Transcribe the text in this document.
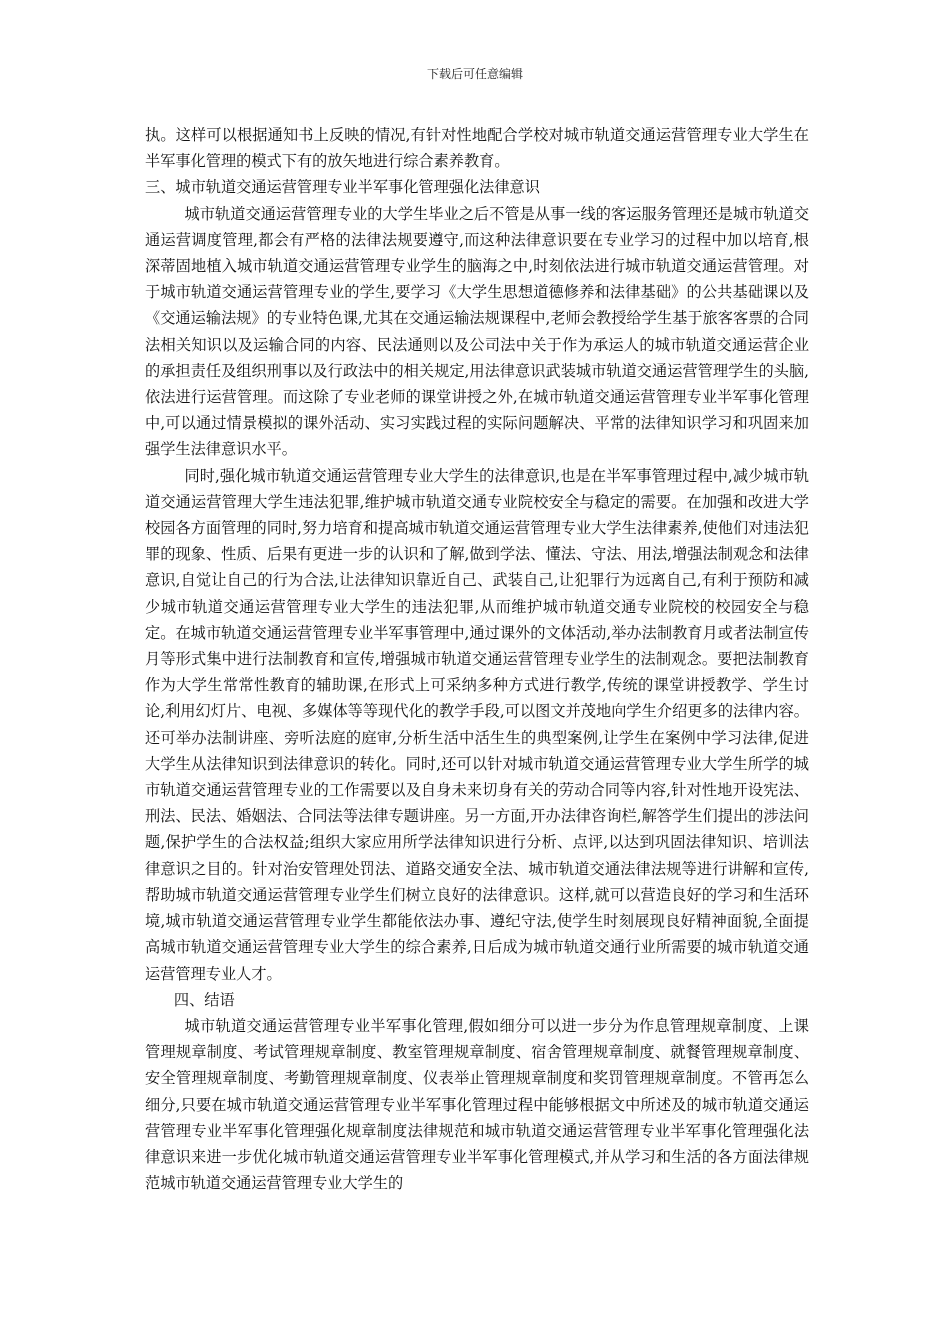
下载后可任意编辑

执。这样可以根据通知书上反映的情况,有针对性地配合学校对城市轨道交通运营管理专业大学生在半军事化管理的模式下有的放矢地进行综合素养教育。

三、城市轨道交通运营管理专业半军事化管理强化法律意识

城市轨道交通运营管理专业的大学生毕业之后不管是从事一线的客运服务管理还是城市轨道交通运营调度管理,都会有严格的法律法规要遵守,而这种法律意识要在专业学习的过程中加以培育,根深蒂固地植入城市轨道交通运营管理专业学生的脑海之中,时刻依法进行城市轨道交通运营管理。对于城市轨道交通运营管理专业的学生,要学习《大学生思想道德修养和法律基础》的公共基础课以及《交通运输法规》的专业特色课,尤其在交通运输法规课程中,老师会教授给学生基于旅客客票的合同法相关知识以及运输合同的内容、民法通则以及公司法中关于作为承运人的城市轨道交通运营企业的承担责任及组织刑事以及行政法中的相关规定,用法律意识武装城市轨道交通运营管理学生的头脑,依法进行运营管理。而这除了专业老师的课堂讲授之外,在城市轨道交通运营管理专业半军事化管理中,可以通过情景模拟的课外活动、实习实践过程的实际问题解决、平常的法律知识学习和巩固来加强学生法律意识水平。

同时,强化城市轨道交通运营管理专业大学生的法律意识,也是在半军事管理过程中,减少城市轨道交通运营管理大学生违法犯罪,维护城市轨道交通专业院校安全与稳定的需要。在加强和改进大学校园各方面管理的同时,努力培育和提高城市轨道交通运营管理专业大学生法律素养,使他们对违法犯罪的现象、性质、后果有更进一步的认识和了解,做到学法、懂法、守法、用法,增强法制观念和法律意识,自觉让自己的行为合法,让法律知识靠近自己、武装自己,让犯罪行为远离自己,有利于预防和减少城市轨道交通运营管理专业大学生的违法犯罪,从而维护城市轨道交通专业院校的校园安全与稳定。在城市轨道交通运营管理专业半军事管理中,通过课外的文体活动,举办法制教育月或者法制宣传月等形式集中进行法制教育和宣传,增强城市轨道交通运营管理专业学生的法制观念。要把法制教育作为大学生常常性教育的辅助课,在形式上可采纳多种方式进行教学,传统的课堂讲授教学、学生讨论,利用幻灯片、电视、多媒体等等现代化的教学手段,可以图文并茂地向学生介绍更多的法律内容。还可举办法制讲座、旁听法庭的庭审,分析生活中活生生的典型案例,让学生在案例中学习法律,促进大学生从法律知识到法律意识的转化。同时,还可以针对城市轨道交通运营管理专业大学生所学的城市轨道交通运营管理专业的工作需要以及自身未来切身有关的劳动合同等内容,针对性地开设宪法、刑法、民法、婚姻法、合同法等法律专题讲座。另一方面,开办法律咨询栏,解答学生们提出的涉法问题,保护学生的合法权益;组织大家应用所学法律知识进行分析、点评,以达到巩固法律知识、培训法律意识之目的。针对治安管理处罚法、道路交通安全法、城市轨道交通法律法规等进行讲解和宣传,帮助城市轨道交通运营管理专业学生们树立良好的法律意识。这样,就可以营造良好的学习和生活环境,城市轨道交通运营管理专业学生都能依法办事、遵纪守法,使学生时刻展现良好精神面貌,全面提高城市轨道交通运营管理专业大学生的综合素养,日后成为城市轨道交通行业所需要的城市轨道交通运营管理专业人才。

四、结语

城市轨道交通运营管理专业半军事化管理,假如细分可以进一步分为作息管理规章制度、上课管理规章制度、考试管理规章制度、教室管理规章制度、宿舍管理规章制度、就餐管理规章制度、安全管理规章制度、考勤管理规章制度、仪表举止管理规章制度和奖罚管理规章制度。不管再怎么细分,只要在城市轨道交通运营管理专业半军事化管理过程中能够根据文中所述及的城市轨道交通运营管理专业半军事化管理强化规章制度法律规范和城市轨道交通运营管理专业半军事化管理强化法律意识来进一步优化城市轨道交通运营管理专业半军事化管理模式,并从学习和生活的各方面法律规范城市轨道交通运营管理专业大学生的
